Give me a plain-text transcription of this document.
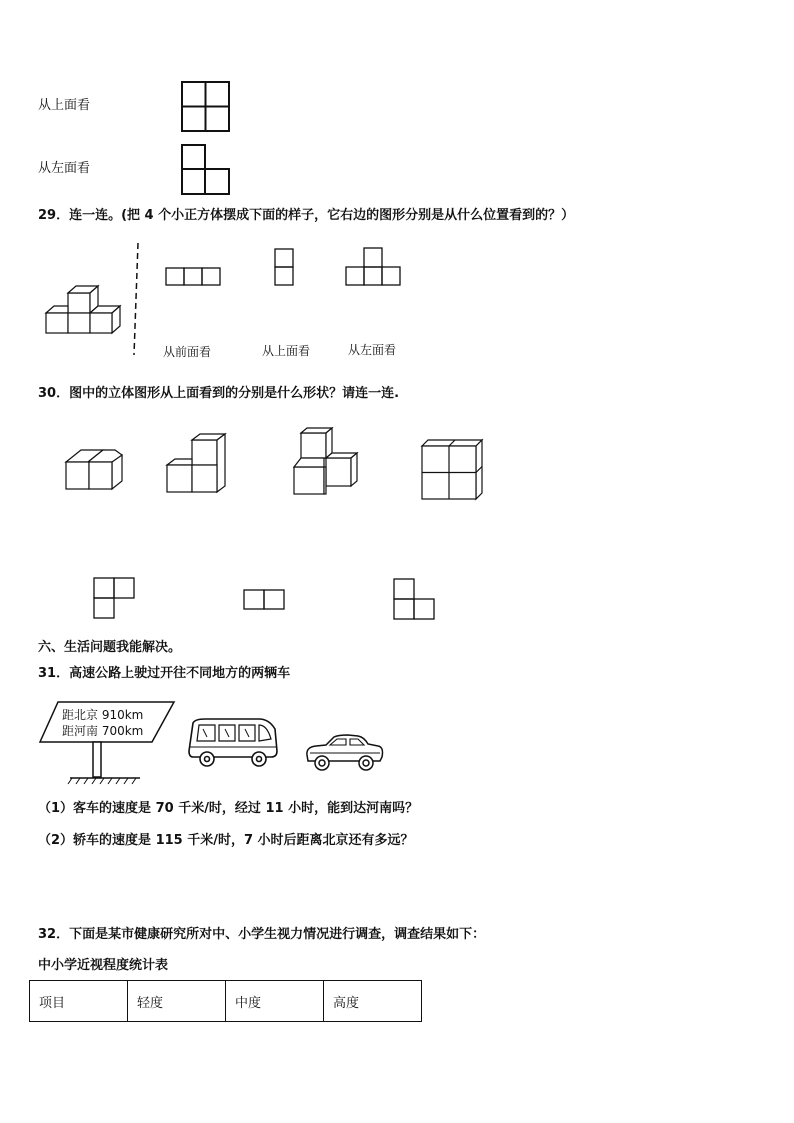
从上面看
从左面看
29．连一连。(把 4 个小正方体摆成下面的样子，它右边的图形分别是从什么位置看到的？）
从前面看	从上面看	从左面看
30．图中的立体图形从上面看到的分别是什么形状？请连一连.
六、生活问题我能解决。
31．高速公路上驶过开往不同地方的两辆车
距北京 910km
距河南 700km
（1）客车的速度是 70 千米/时，经过 11 小时，能到达河南吗？
（2）轿车的速度是 115 千米/时，7 小时后距离北京还有多远？
32．下面是某市健康研究所对中、小学生视力情况进行调查，调查结果如下：
中小学近视程度统计表
项目	轻度	中度	高度
